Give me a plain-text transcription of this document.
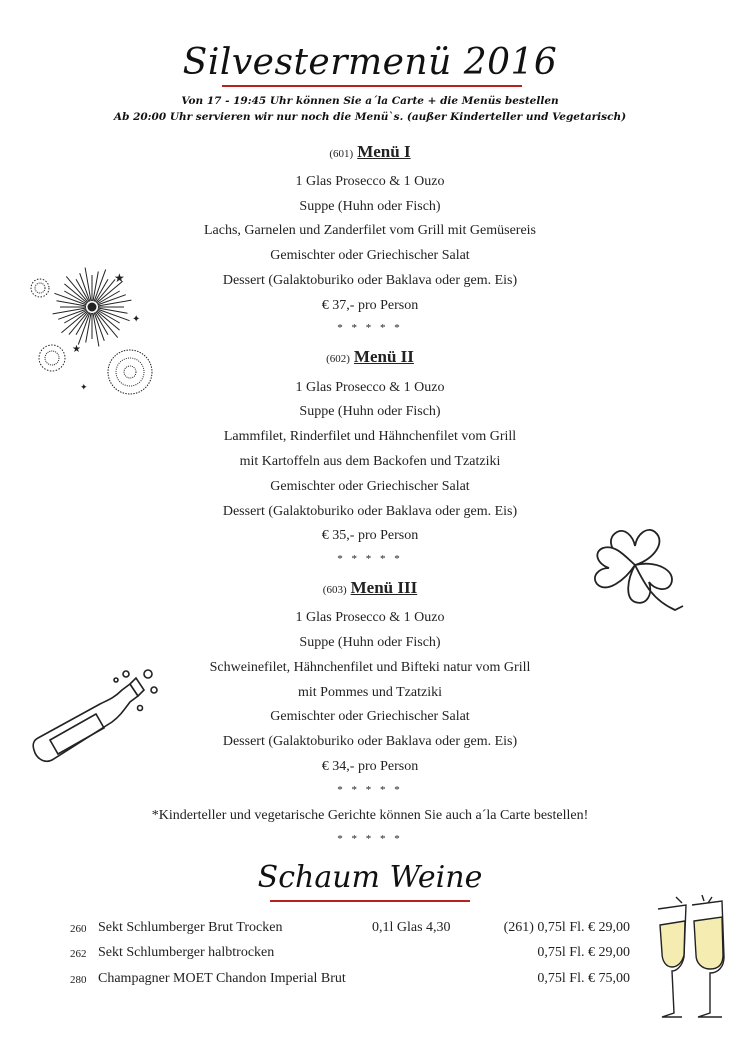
Silvestermenü 2016
Von 17 - 19:45 Uhr können Sie a´la Carte + die Menüs bestellen
Ab 20:00 Uhr servieren wir nur noch die Menü`s. (außer Kinderteller und Vegetarisch)
(601) Menü I
1 Glas Prosecco & 1 Ouzo
Suppe (Huhn oder Fisch)
Lachs, Garnelen und Zanderfilet vom Grill mit Gemüsereis
Gemischter oder Griechischer Salat
Dessert (Galaktoburiko oder Baklava oder gem. Eis)
€ 37,- pro Person
* * * * *
(602) Menü II
1 Glas Prosecco & 1 Ouzo
Suppe (Huhn oder Fisch)
Lammfilet, Rinderfilet und Hähnchenfilet vom Grill
mit Kartoffeln aus dem Backofen und Tzatziki
Gemischter oder Griechischer Salat
Dessert (Galaktoburiko oder Baklava oder gem. Eis)
€ 35,- pro Person
* * * * *
(603) Menü III
1 Glas Prosecco & 1 Ouzo
Suppe (Huhn oder Fisch)
Schweinefilet, Hähnchenfilet und Bifteki natur vom Grill
mit Pommes und Tzatziki
Gemischter oder Griechischer Salat
Dessert (Galaktoburiko oder Baklava oder gem. Eis)
€ 34,- pro Person
* * * * *
*Kinderteller und vegetarische Gerichte können Sie auch a´la Carte bestellen!
* * * * *
Schaum Weine
260 Sekt Schlumberger Brut Trocken	0,1l Glas 4,30	(261) 0,75l Fl. € 29,00
262 Sekt Schlumberger halbtrocken	0,75l Fl. € 29,00
280 Champagner MOET Chandon Imperial Brut	0,75l Fl. € 75,00
★
✦
★
✦
